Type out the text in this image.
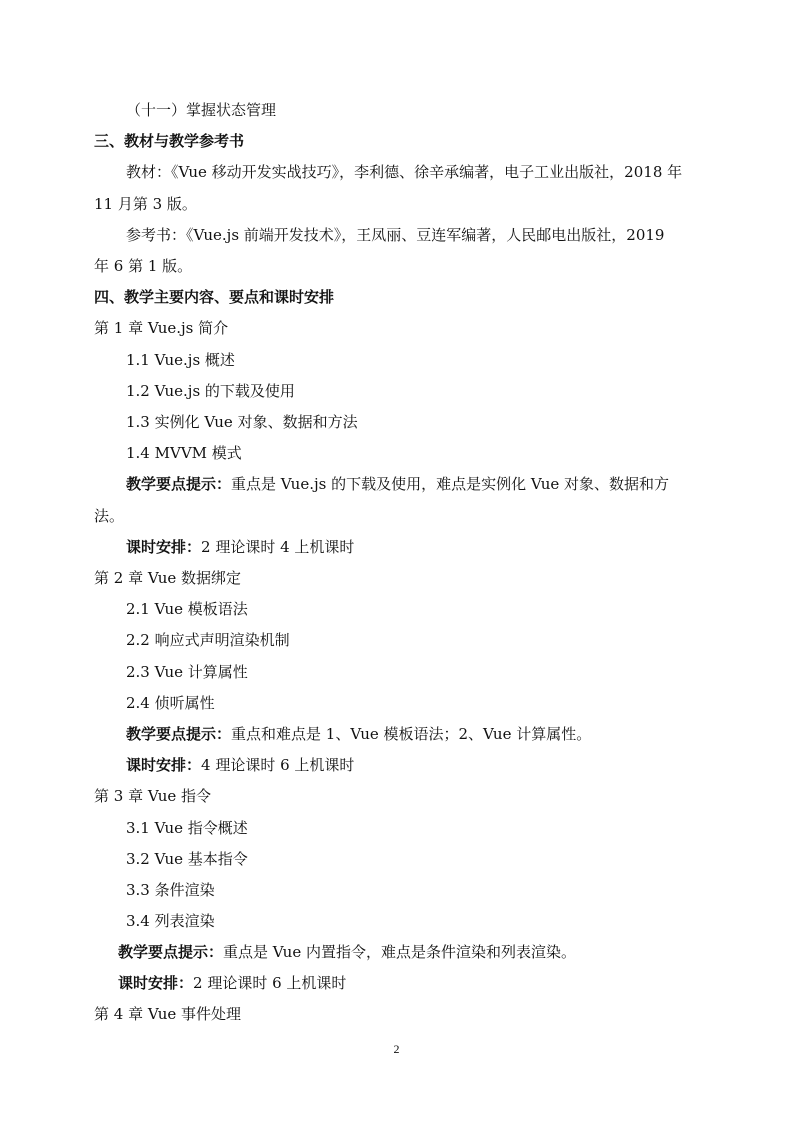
（十一）掌握状态管理
三、教材与教学参考书
教材：《Vue 移动开发实战技巧》，李利德、徐辛承编著，电子工业出版社，2018 年
11 月第 3 版。
参考书：《Vue.js 前端开发技术》，王凤丽、豆连军编著，人民邮电出版社，2019
年 6 第 1 版。
四、教学主要内容、要点和课时安排
第 1 章 Vue.js 简介
1.1 Vue.js 概述
1.2 Vue.js 的下载及使用
1.3 实例化 Vue 对象、数据和方法
1.4 MVVM 模式
教学要点提示：重点是 Vue.js 的下载及使用，难点是实例化 Vue 对象、数据和方
法。
课时安排：2 理论课时 4 上机课时
第 2 章 Vue 数据绑定
2.1 Vue 模板语法
2.2 响应式声明渲染机制
2.3 Vue 计算属性
2.4 侦听属性
教学要点提示：重点和难点是 1、Vue 模板语法；2、Vue 计算属性。
课时安排：4 理论课时 6 上机课时
第 3 章 Vue 指令
3.1 Vue 指令概述
3.2 Vue 基本指令
3.3 条件渲染
3.4 列表渲染
教学要点提示：重点是 Vue 内置指令，难点是条件渲染和列表渲染。
课时安排：2 理论课时 6 上机课时
第 4 章 Vue 事件处理
2
